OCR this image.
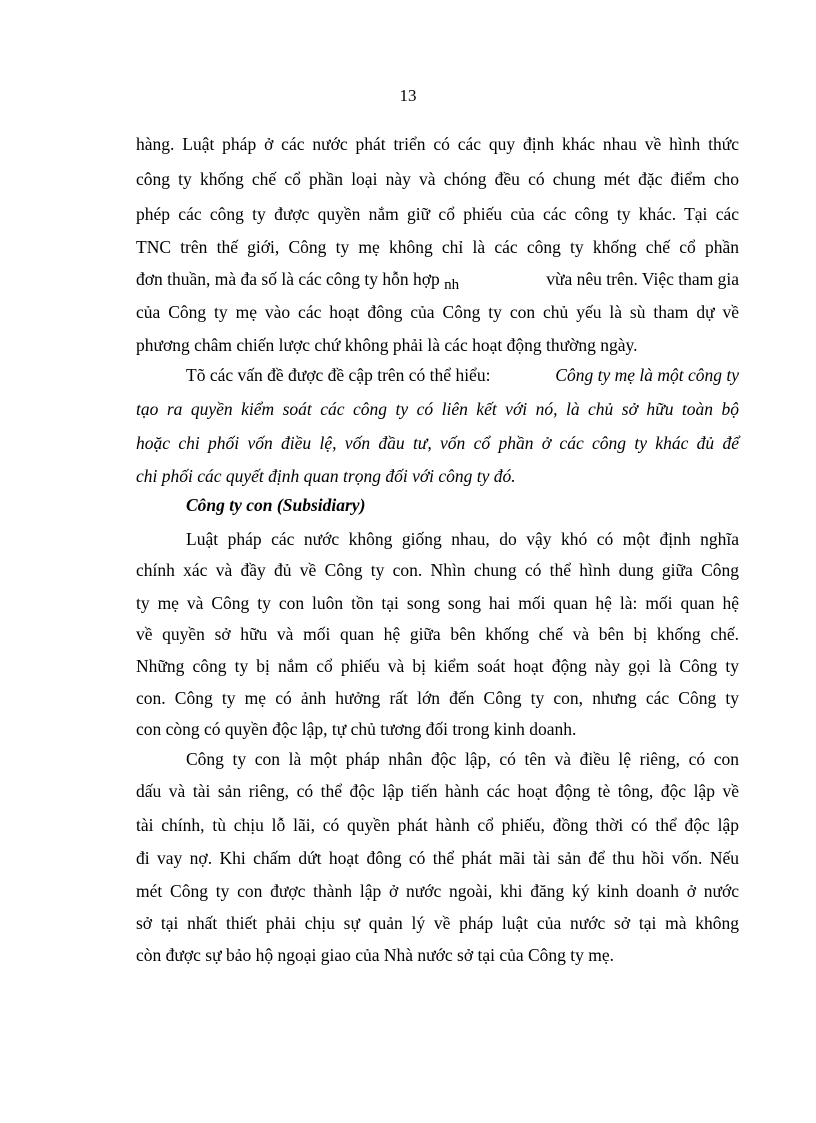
13
hàng. Luật pháp ở các nước phát triển có các quy định khác nhau về hình thức
công ty khống chế cổ phần loại này và chóng đều có chung mét đặc điểm cho
phép các công ty được quyền nắm giữ cổ phiếu của các công ty khác. Tại các
TNC trên thế giới, Công ty mẹ không chỉ là các công ty khống chế cổ phần
đơn thuần, mà đa số là các công ty hỗn hợp nh	vừa nêu trên. Việc tham gia
của Công ty mẹ vào các hoạt đông của Công ty con chủ yếu là sù tham dự về
phương châm chiến lược chứ không phải là các hoạt động thường ngày.
Tõ các vấn đề được đề cập trên có thể hiểu:	Công ty mẹ là một công ty
tạo ra quyền kiểm soát các công ty có liên kết với nó, là chủ sở hữu toàn bộ
hoặc chi phối vốn điều lệ, vốn đầu tư, vốn cổ phần ở các công ty khác đủ để
chi phối các quyết định quan trọng đối với công ty đó.
Công ty con (Subsidiary)
Luật pháp các nước không giống nhau, do vậy khó có một định nghĩa
chính xác và đầy đủ về Công ty con. Nhìn chung có thể hình dung giữa Công
ty mẹ và Công ty con luôn tồn tại song song hai mối quan hệ là: mối quan hệ
về quyền sở hữu và mối quan hệ giữa bên khống chế và bên bị khống chế.
Những công ty bị nắm cổ phiếu và bị kiểm soát hoạt động này gọi là Công ty
con. Công ty mẹ có ảnh hưởng rất lớn đến Công ty con, nhưng các Công ty
con còng có quyền độc lập, tự chủ tương đối trong kinh doanh.
Công ty con là một pháp nhân độc lập, có tên và điều lệ riêng, có con
dấu và tài sản riêng, có thể độc lập tiến hành các hoạt động tè tông, độc lập về
tài chính, tù chịu lỗ lãi, có quyền phát hành cổ phiếu, đồng thời có thể độc lập
đi vay nợ. Khi chấm dứt hoạt đông có thể phát mãi tài sản để thu hồi vốn. Nếu
mét Công ty con được thành lập ở nước ngoài, khi đăng ký kinh doanh ở nước
sở tại nhất thiết phải chịu sự quản lý về pháp luật của nước sở tại mà không
còn được sự bảo hộ ngoại giao của Nhà nước sở tại của Công ty mẹ.
